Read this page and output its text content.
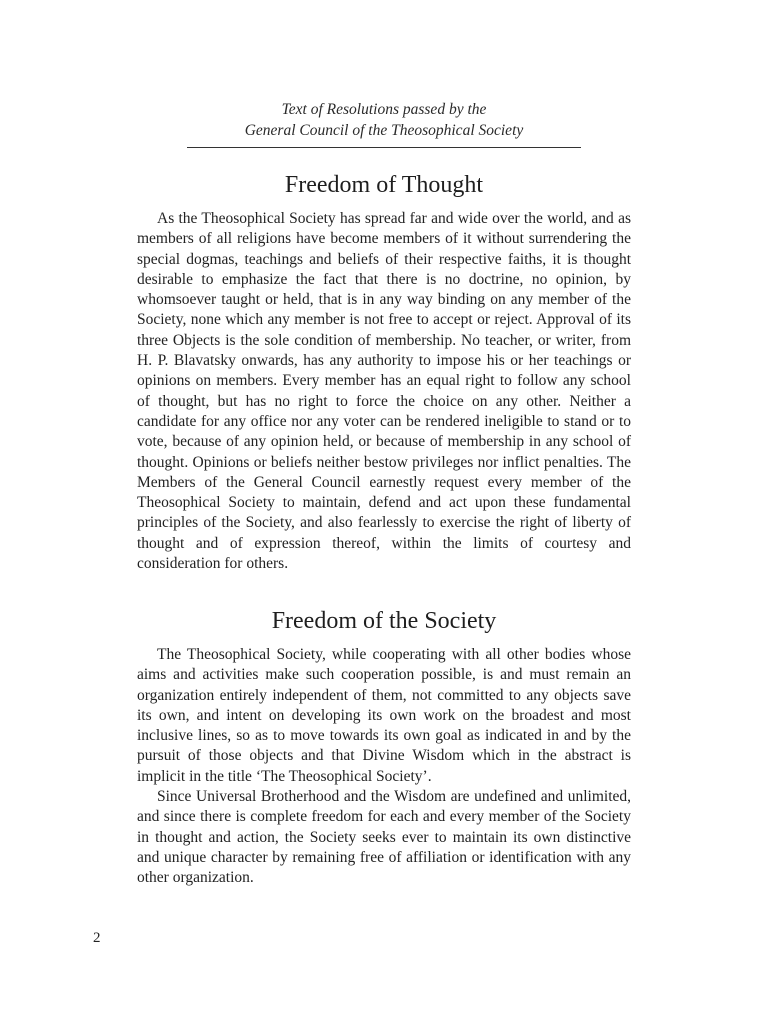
Text of Resolutions passed by the
General Council of the Theosophical Society
Freedom of Thought

As the Theosophical Society has spread far and wide over the world, and as members of all religions have become members of it without surrendering the special dogmas, teachings and beliefs of their respective faiths, it is thought desirable to emphasize the fact that there is no doctrine, no opinion, by whomsoever taught or held, that is in any way binding on any member of the Society, none which any member is not free to accept or reject. Approval of its three Objects is the sole condition of membership. No teacher, or writer, from H. P. Blavatsky onwards, has any authority to impose his or her teachings or opinions on members. Every member has an equal right to follow any school of thought, but has no right to force the choice on any other. Neither a candidate for any office nor any voter can be rendered ineligible to stand or to vote, because of any opinion held, or because of membership in any school of thought. Opinions or beliefs neither bestow privileges nor inflict penalties. The Members of the General Council earnestly request every member of the Theosophical Society to maintain, defend and act upon these fundamental principles of the Society, and also fearlessly to exercise the right of liberty of thought and of expression thereof, within the limits of courtesy and consideration for others.

Freedom of the Society

The Theosophical Society, while cooperating with all other bodies whose aims and activities make such cooperation possible, is and must remain an organization entirely independent of them, not committed to any objects save its own, and intent on developing its own work on the broadest and most inclusive lines, so as to move towards its own goal as indicated in and by the pursuit of those objects and that Divine Wisdom which in the abstract is implicit in the title ‘The Theosophical Society’.

Since Universal Brotherhood and the Wisdom are undefined and unlimited, and since there is complete freedom for each and every member of the Society in thought and action, the Society seeks ever to maintain its own distinctive and unique character by remaining free of affiliation or identification with any other organization.

2
